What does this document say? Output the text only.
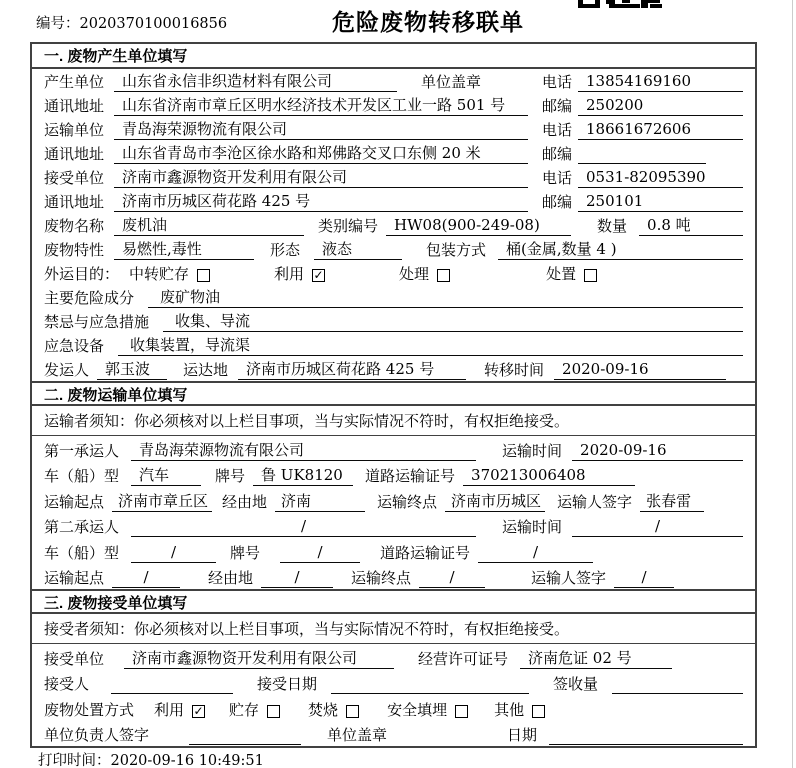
编号：2020370100016856	危险废物转移联单
一. 废物产生单位填写
产生单位	山东省永信非织造材料有限公司	单位盖章	电话 13854169160
通讯地址	山东省济南市章丘区明水经济技术开发区工业一路 501 号	邮编 250200
运输单位	青岛海荣源物流有限公司	电话 18661672606
通讯地址	山东省青岛市李沧区徐水路和郑佛路交叉口东侧 20 米	邮编
接受单位	济南市鑫源物资开发利用有限公司	电话 0531-82095390
通讯地址	济南市历城区荷花路 425 号	邮编 250101
废物名称	废机油	类别编号	HW08(900-249-08)	数量	0.8 吨
废物特性	易燃性,毒性	形态	液态	包装方式	桶(金属,数量 4 )
外运目的： 中转贮存	利用 ✓	处理	处置
主要危险成分	废矿物油
禁忌与应急措施	收集、导流
应急设备	收集装置，导流渠
发运人	郭玉波	运达地	济南市历城区荷花路 425 号	转移时间	2020-09-16
二. 废物运输单位填写
运输者须知：你必须核对以上栏目事项，当与实际情况不符时，有权拒绝接受。
第一承运人	青岛海荣源物流有限公司	运输时间	2020-09-16
车（船）型	汽车	牌号	鲁 UK8120	道路运输证号	370213006408
运输起点 济南市章丘区 经由地 济南	运输终点 济南市历城区 运输人签字 张春雷
第二承运人	/	运输时间	/
车（船）型	/	牌号	/	道路运输证号	/
运输起点	/	经由地	/	运输终点	/	运输人签字	/
三. 废物接受单位填写
接受者须知：你必须核对以上栏目事项，当与实际情况不符时，有权拒绝接受。
接受单位	济南市鑫源物资开发利用有限公司	经营许可证号	济南危证 02 号
接受人	接受日期	签收量
废物处置方式 利用 ✓ 贮存	焚烧	安全填埋	其他
单位负责人签字	单位盖章	日期
打印时间：2020-09-16 10:49:51
